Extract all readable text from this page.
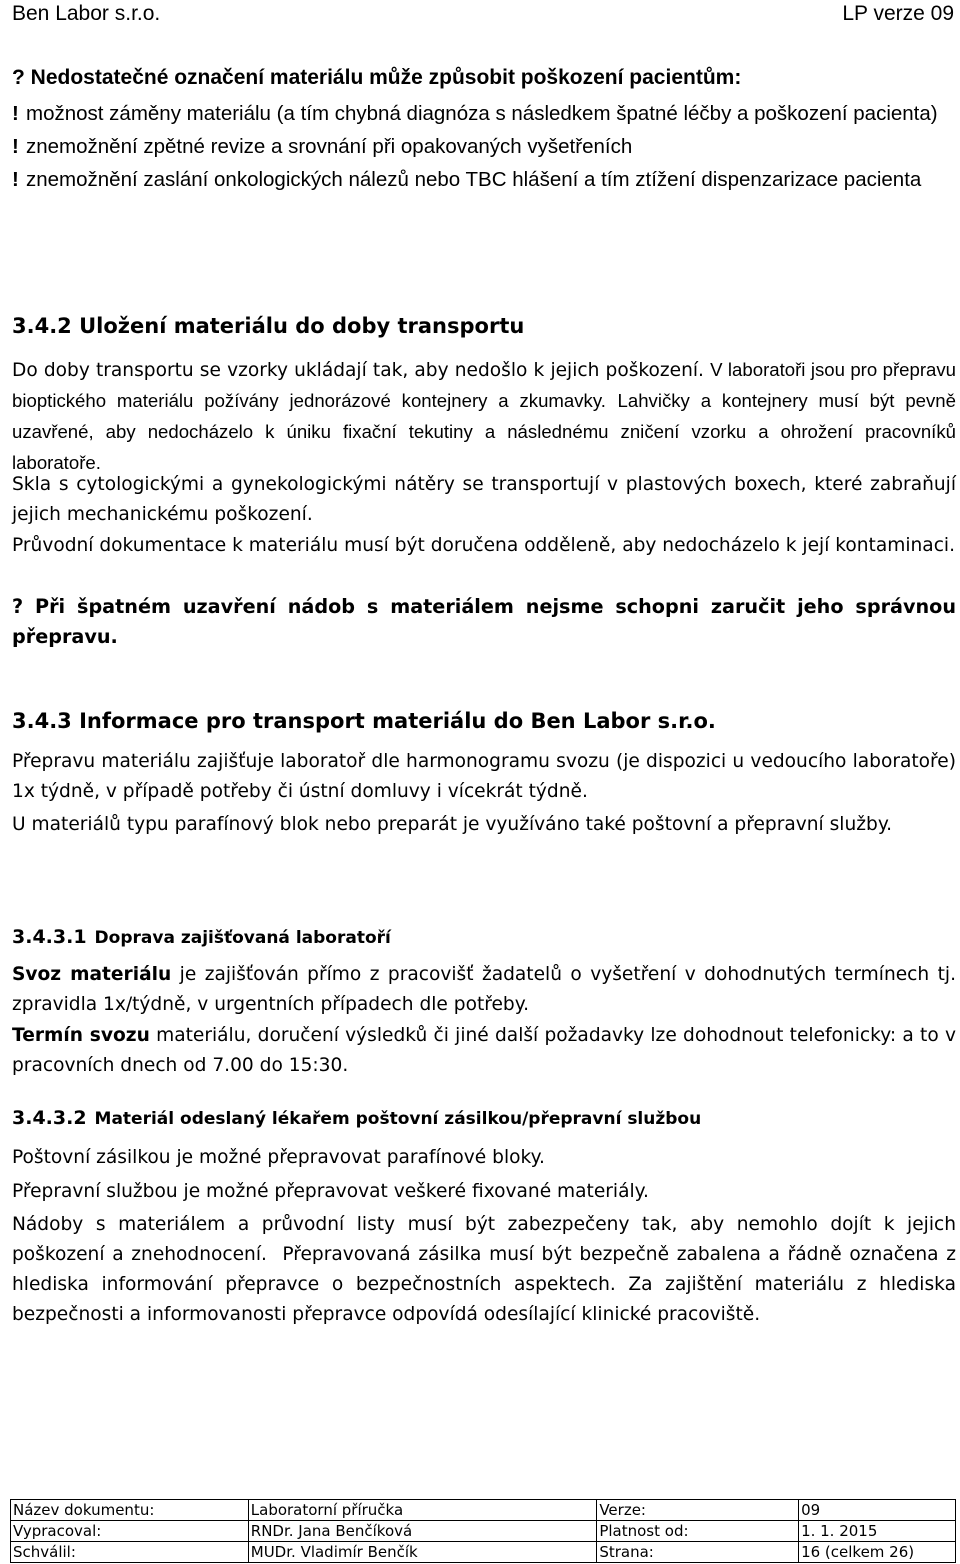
Ben Labor s.r.o.	LP verze 09
? Nedostatečné označení materiálu může způsobit poškození pacientům:
! možnost záměny materiálu (a tím chybná diagnóza s následkem špatné léčby a poškození pacienta)
! znemožnění zpětné revize a srovnání při opakovaných vyšetřeních
! znemožnění zaslání onkologických nálezů nebo TBC hlášení a tím ztížení dispenzarizace pacienta
3.4.2 Uložení materiálu do doby transportu

Do doby transportu se vzorky ukládají tak, aby nedošlo k jejich poškození. V laboratoři jsou pro přepravu bioptického materiálu požívány jednorázové kontejnery a zkumavky. Lahvičky a kontejnery musí být pevně uzavřené, aby nedocházelo k úniku fixační tekutiny a následnému zničení vzorku a ohrožení pracovníků laboratoře.

Skla s cytologickými a gynekologickými nátěry se transportují v plastových boxech, které zabraňují jejich mechanickému poškození.

Průvodní dokumentace k materiálu musí být doručena odděleně, aby nedocházelo k její kontaminaci.

? Při špatném uzavření nádob s materiálem nejsme schopni zaručit jeho správnou přepravu.

3.4.3 Informace pro transport materiálu do Ben Labor s.r.o.

Přepravu materiálu zajišťuje laboratoř dle harmonogramu svozu (je dispozici u vedoucího laboratoře) 1x týdně, v případě potřeby či ústní domluvy i vícekrát týdně.

U materiálů typu parafínový blok nebo preparát je využíváno také poštovní a přepravní služby.

3.4.3.1 Doprava zajišťovaná laboratoří

Svoz materiálu je zajišťován přímo z pracovišť žadatelů o vyšetření v dohodnutých termínech tj. zpravidla 1x/týdně, v urgentních případech dle potřeby.

Termín svozu materiálu, doručení výsledků či jiné další požadavky lze dohodnout telefonicky: a to v pracovních dnech od 7.00 do 15:30.

3.4.3.2 Materiál odeslaný lékařem poštovní zásilkou/přepravní službou

Poštovní zásilkou je možné přepravovat parafínové bloky.

Přepravní službou je možné přepravovat veškeré fixované materiály.

Nádoby s materiálem a průvodní listy musí být zabezpečeny tak, aby nemohlo dojít k jejich poškození a znehodnocení. Přepravovaná zásilka musí být bezpečně zabalena a řádně označena z hlediska informování přepravce o bezpečnostních aspektech. Za zajištění materiálu z hlediska bezpečnosti a informovanosti přepravce odpovídá odesílající klinické pracoviště.

Název dokumentu:	Laboratorní příručka	Verze:	09
Vypracoval:	RNDr. Jana Benčíková	Platnost od:	1. 1. 2015
Schválil:	MUDr. Vladimír Benčík	Strana:	16 (celkem 26)
